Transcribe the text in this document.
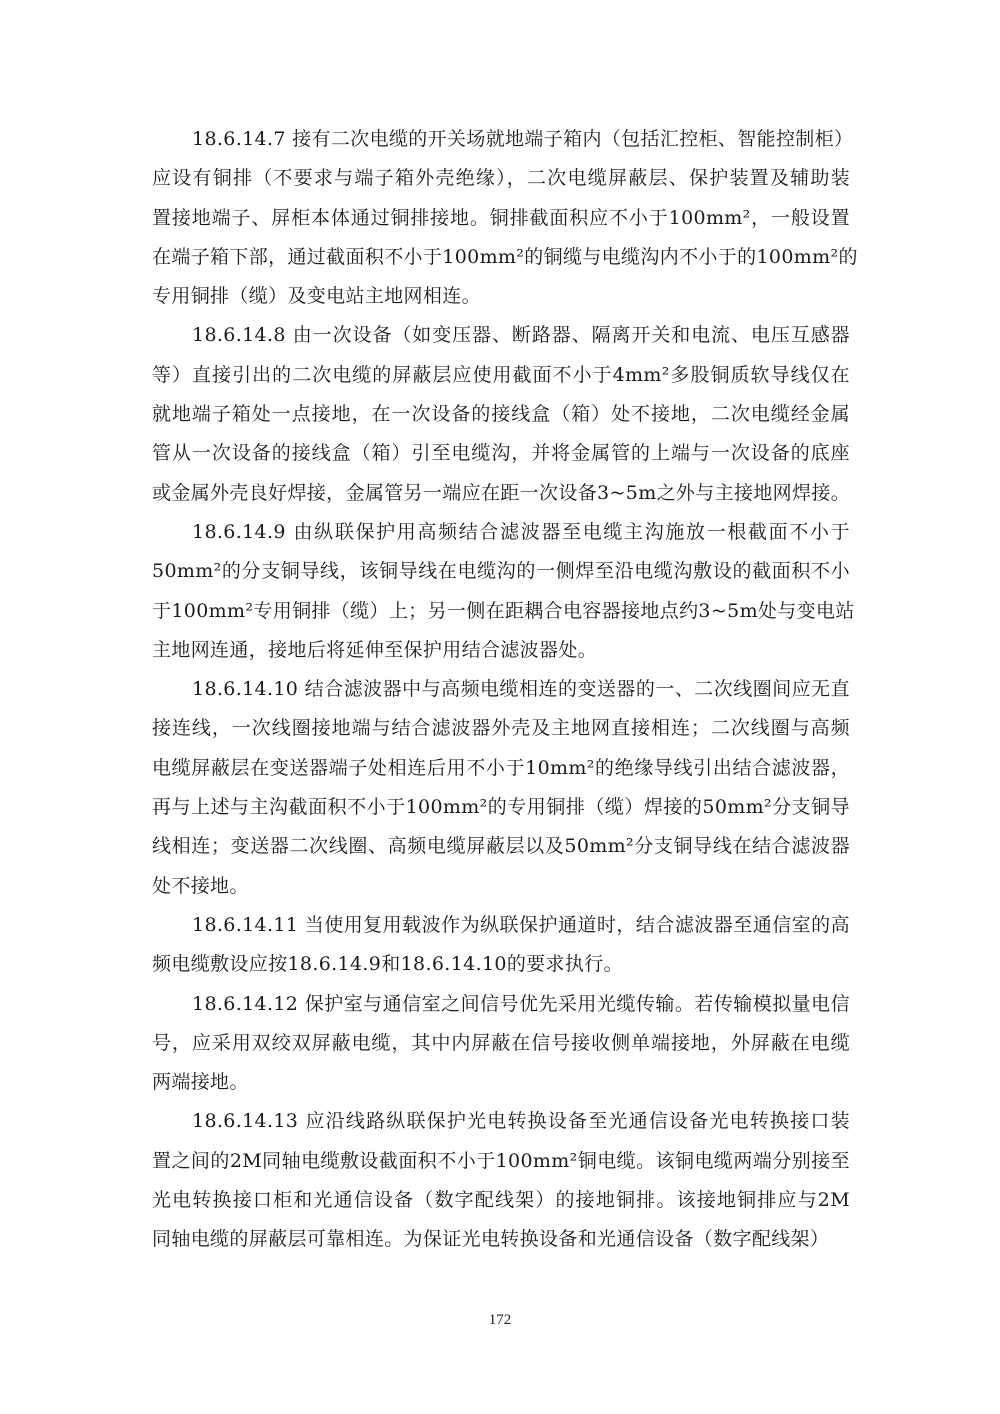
18.6.14.7 接有二次电缆的开关场就地端子箱内（包括汇控柜、智能控制柜）
应设有铜排（不要求与端子箱外壳绝缘），二次电缆屏蔽层、保护装置及辅助装
置接地端子、屏柜本体通过铜排接地。铜排截面积应不小于100mm²，一般设置
在端子箱下部，通过截面积不小于100mm²的铜缆与电缆沟内不小于的100mm²的
专用铜排（缆）及变电站主地网相连。
18.6.14.8 由一次设备（如变压器、断路器、隔离开关和电流、电压互感器
等）直接引出的二次电缆的屏蔽层应使用截面不小于4mm²多股铜质软导线仅在
就地端子箱处一点接地，在一次设备的接线盒（箱）处不接地，二次电缆经金属
管从一次设备的接线盒（箱）引至电缆沟，并将金属管的上端与一次设备的底座
或金属外壳良好焊接，金属管另一端应在距一次设备3~5m之外与主接地网焊接。
18.6.14.9 由纵联保护用高频结合滤波器至电缆主沟施放一根截面不小于
50mm²的分支铜导线，该铜导线在电缆沟的一侧焊至沿电缆沟敷设的截面积不小
于100mm²专用铜排（缆）上；另一侧在距耦合电容器接地点约3~5m处与变电站
主地网连通，接地后将延伸至保护用结合滤波器处。
18.6.14.10 结合滤波器中与高频电缆相连的变送器的一、二次线圈间应无直
接连线，一次线圈接地端与结合滤波器外壳及主地网直接相连；二次线圈与高频
电缆屏蔽层在变送器端子处相连后用不小于10mm²的绝缘导线引出结合滤波器，
再与上述与主沟截面积不小于100mm²的专用铜排（缆）焊接的50mm²分支铜导
线相连；变送器二次线圈、高频电缆屏蔽层以及50mm²分支铜导线在结合滤波器
处不接地。
18.6.14.11 当使用复用载波作为纵联保护通道时，结合滤波器至通信室的高
频电缆敷设应按18.6.14.9和18.6.14.10的要求执行。
18.6.14.12 保护室与通信室之间信号优先采用光缆传输。若传输模拟量电信
号，应采用双绞双屏蔽电缆，其中内屏蔽在信号接收侧单端接地，外屏蔽在电缆
两端接地。
18.6.14.13 应沿线路纵联保护光电转换设备至光通信设备光电转换接口装
置之间的2M同轴电缆敷设截面积不小于100mm²铜电缆。该铜电缆两端分别接至
光电转换接口柜和光通信设备（数字配线架）的接地铜排。该接地铜排应与2M
同轴电缆的屏蔽层可靠相连。为保证光电转换设备和光通信设备（数字配线架）
172
